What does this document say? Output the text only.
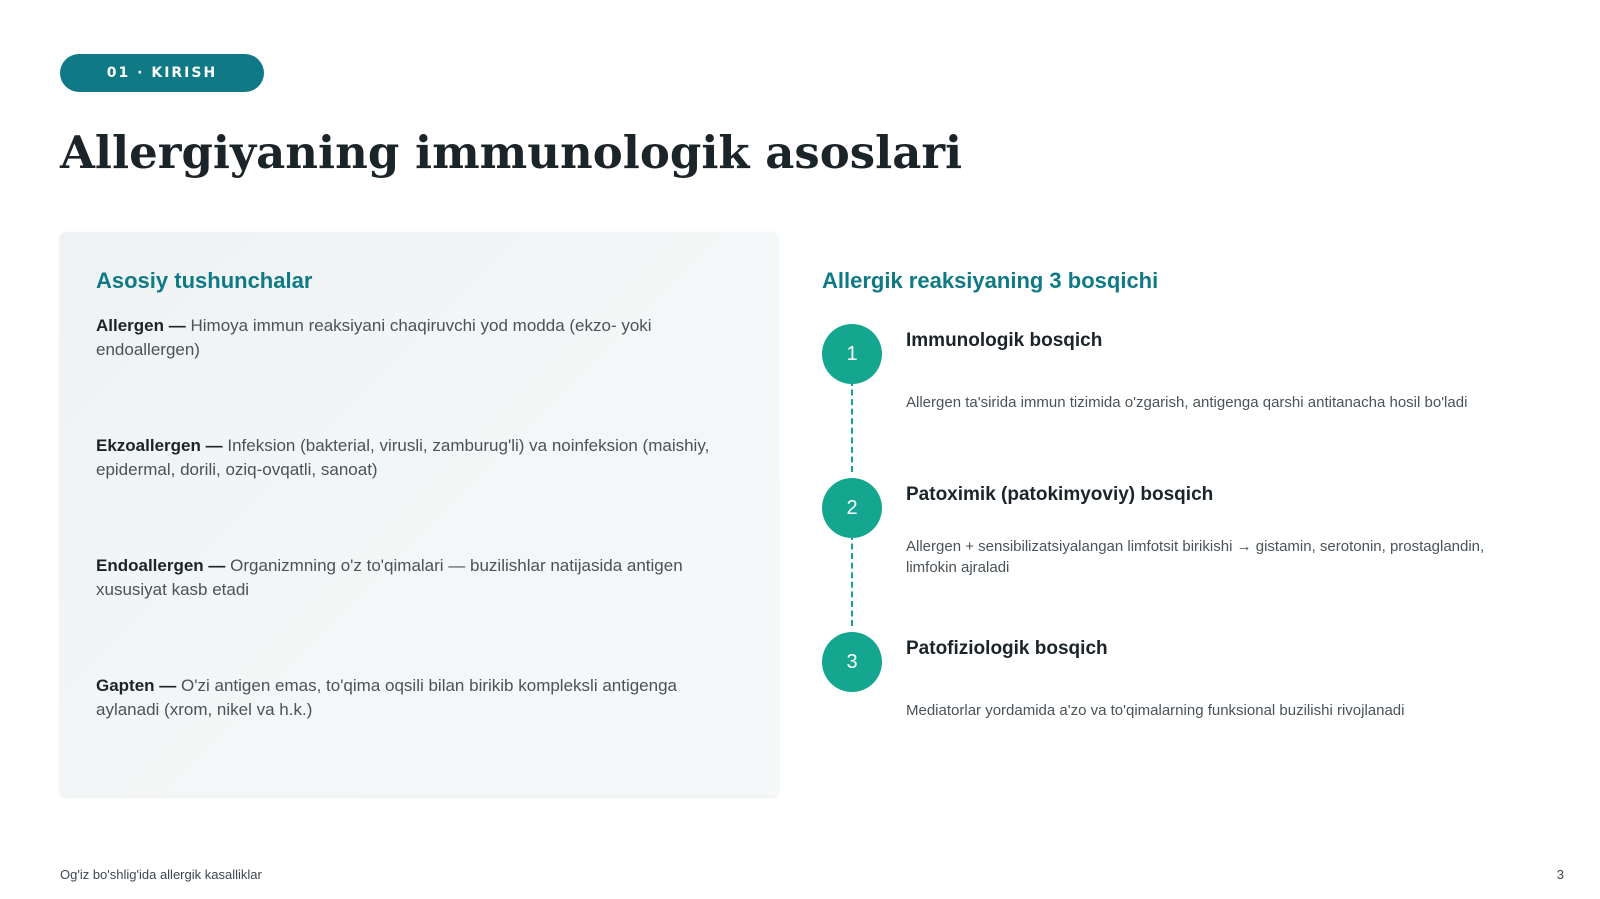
01 · KIRISH
Allergiyaning immunologik asoslari
Asosiy tushunchalar
Allergen — Himoya immun reaksiyani chaqiruvchi yod modda (ekzo- yoki endoallergen)
Ekzoallergen — Infeksion (bakterial, virusli, zamburug'li) va noinfeksion (maishiy, epidermal, dorili, oziq-ovqatli, sanoat)
Endoallergen — Organizmning o'z to'qimalari — buzilishlar natijasida antigen xususiyat kasb etadi
Gapten — O'zi antigen emas, to'qima oqsili bilan birikib kompleksli antigenga aylanadi (xrom, nikel va h.k.)
Allergik reaksiyaning 3 bosqichi
1
Immunologik bosqich

Allergen ta'sirida immun tizimida o'zgarish, antigenga qarshi antitanacha hosil bo'ladi

2
Patoximik (patokimyoviy) bosqich

Allergen + sensibilizatsiyalangan limfotsit birikishi → gistamin, serotonin, prostaglandin, limfokin ajraladi

3
Patofiziologik bosqich

Mediatorlar yordamida a'zo va to'qimalarning funksional buzilishi rivojlanadi

Og'iz bo'shlig'ida allergik kasalliklar	3
